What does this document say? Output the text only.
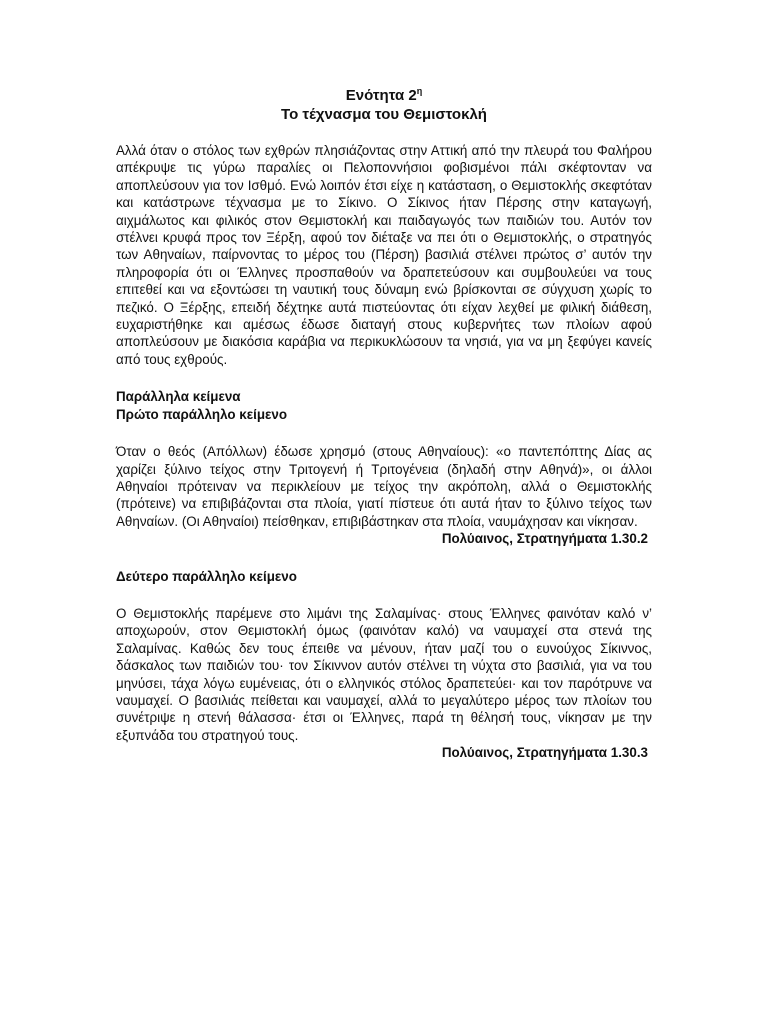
Ενότητα $2^\eta$

Το τέχνασμα του Θεμιστοκλή

Αλλά όταν ο στόλος των εχθρών πλησιάζοντας στην Αττική από την πλευρά του Φαλήρου απέκρυψε τις γύρω παραλίες οι Πελοποννήσιοι φοβισμένοι πάλι σκέφτονταν να αποπλεύσουν για τον Ισθμό. Ενώ λοιπόν έτσι είχε η κατάσταση, ο Θεμιστοκλής σκεφτόταν και κατάστρωνε τέχνασμα με το Σίκινο. Ο Σίκινος ήταν Πέρσης στην καταγωγή, αιχμάλωτος και φιλικός στον Θεμιστοκλή και παιδαγωγός των παιδιών του. Αυτόν τον στέλνει κρυφά προς τον Ξέρξη, αφού τον διέταξε να πει ότι ο Θεμιστοκλής, ο στρατηγός των Αθηναίων, παίρνοντας το μέρος του (Πέρση) βασιλιά στέλνει πρώτος σ’ αυτόν την πληροφορία ότι οι Έλληνες προσπαθούν να δραπετεύσουν και συμβουλεύει να τους επιτεθεί και να εξοντώσει τη ναυτική τους δύναμη ενώ βρίσκονται σε σύγχυση χωρίς το πεζικό. Ο Ξέρξης, επειδή δέχτηκε αυτά πιστεύοντας ότι είχαν λεχθεί με φιλική διάθεση, ευχαριστήθηκε και αμέσως έδωσε διαταγή στους κυβερνήτες των πλοίων αφού αποπλεύσουν με διακόσια καράβια να περικυκλώσουν τα νησιά, για να μη ξεφύγει κανείς από τους εχθρούς.

Παράλληλα κείμενα

Πρώτο παράλληλο κείμενο

Όταν ο θεός (Απόλλων) έδωσε χρησμό (στους Αθηναίους): «ο παντεπόπτης Δίας ας χαρίζει ξύλινο τείχος στην Τριτογενή ή Τριτογένεια (δηλαδή στην Αθηνά)», οι άλλοι Αθηναίοι πρότειναν να περικλείουν με τείχος την ακρόπολη, αλλά ο Θεμιστοκλής (πρότεινε) να επιβιβάζονται στα πλοία, γιατί πίστευε ότι αυτά ήταν το ξύλινο τείχος των Αθηναίων. (Οι Αθηναίοι) πείσθηκαν, επιβιβάστηκαν στα πλοία, ναυμάχησαν και νίκησαν.

Πολύαινος, Στρατηγήματα 1.30.2

Δεύτερο παράλληλο κείμενο

Ο Θεμιστοκλής παρέμενε στο λιμάνι της Σαλαμίνας· στους Έλληνες φαινόταν καλό ν’ αποχωρούν, στον Θεμιστοκλή όμως (φαινόταν καλό) να ναυμαχεί στα στενά της Σαλαμίνας. Καθώς δεν τους έπειθε να μένουν, ήταν μαζί του ο ευνούχος Σίκιννος, δάσκαλος των παιδιών του· τον Σίκιννον αυτόν στέλνει τη νύχτα στο βασιλιά, για να του μηνύσει, τάχα λόγω ευμένειας, ότι ο ελληνικός στόλος δραπετεύει· και τον παρότρυνε να ναυμαχεί. Ο βασιλιάς πείθεται και ναυμαχεί, αλλά το μεγαλύτερο μέρος των πλοίων του συνέτριψε η στενή θάλασσα· έτσι οι Έλληνες, παρά τη θέλησή τους, νίκησαν με την εξυπνάδα του στρατηγού τους.

Πολύαινος, Στρατηγήματα 1.30.3
